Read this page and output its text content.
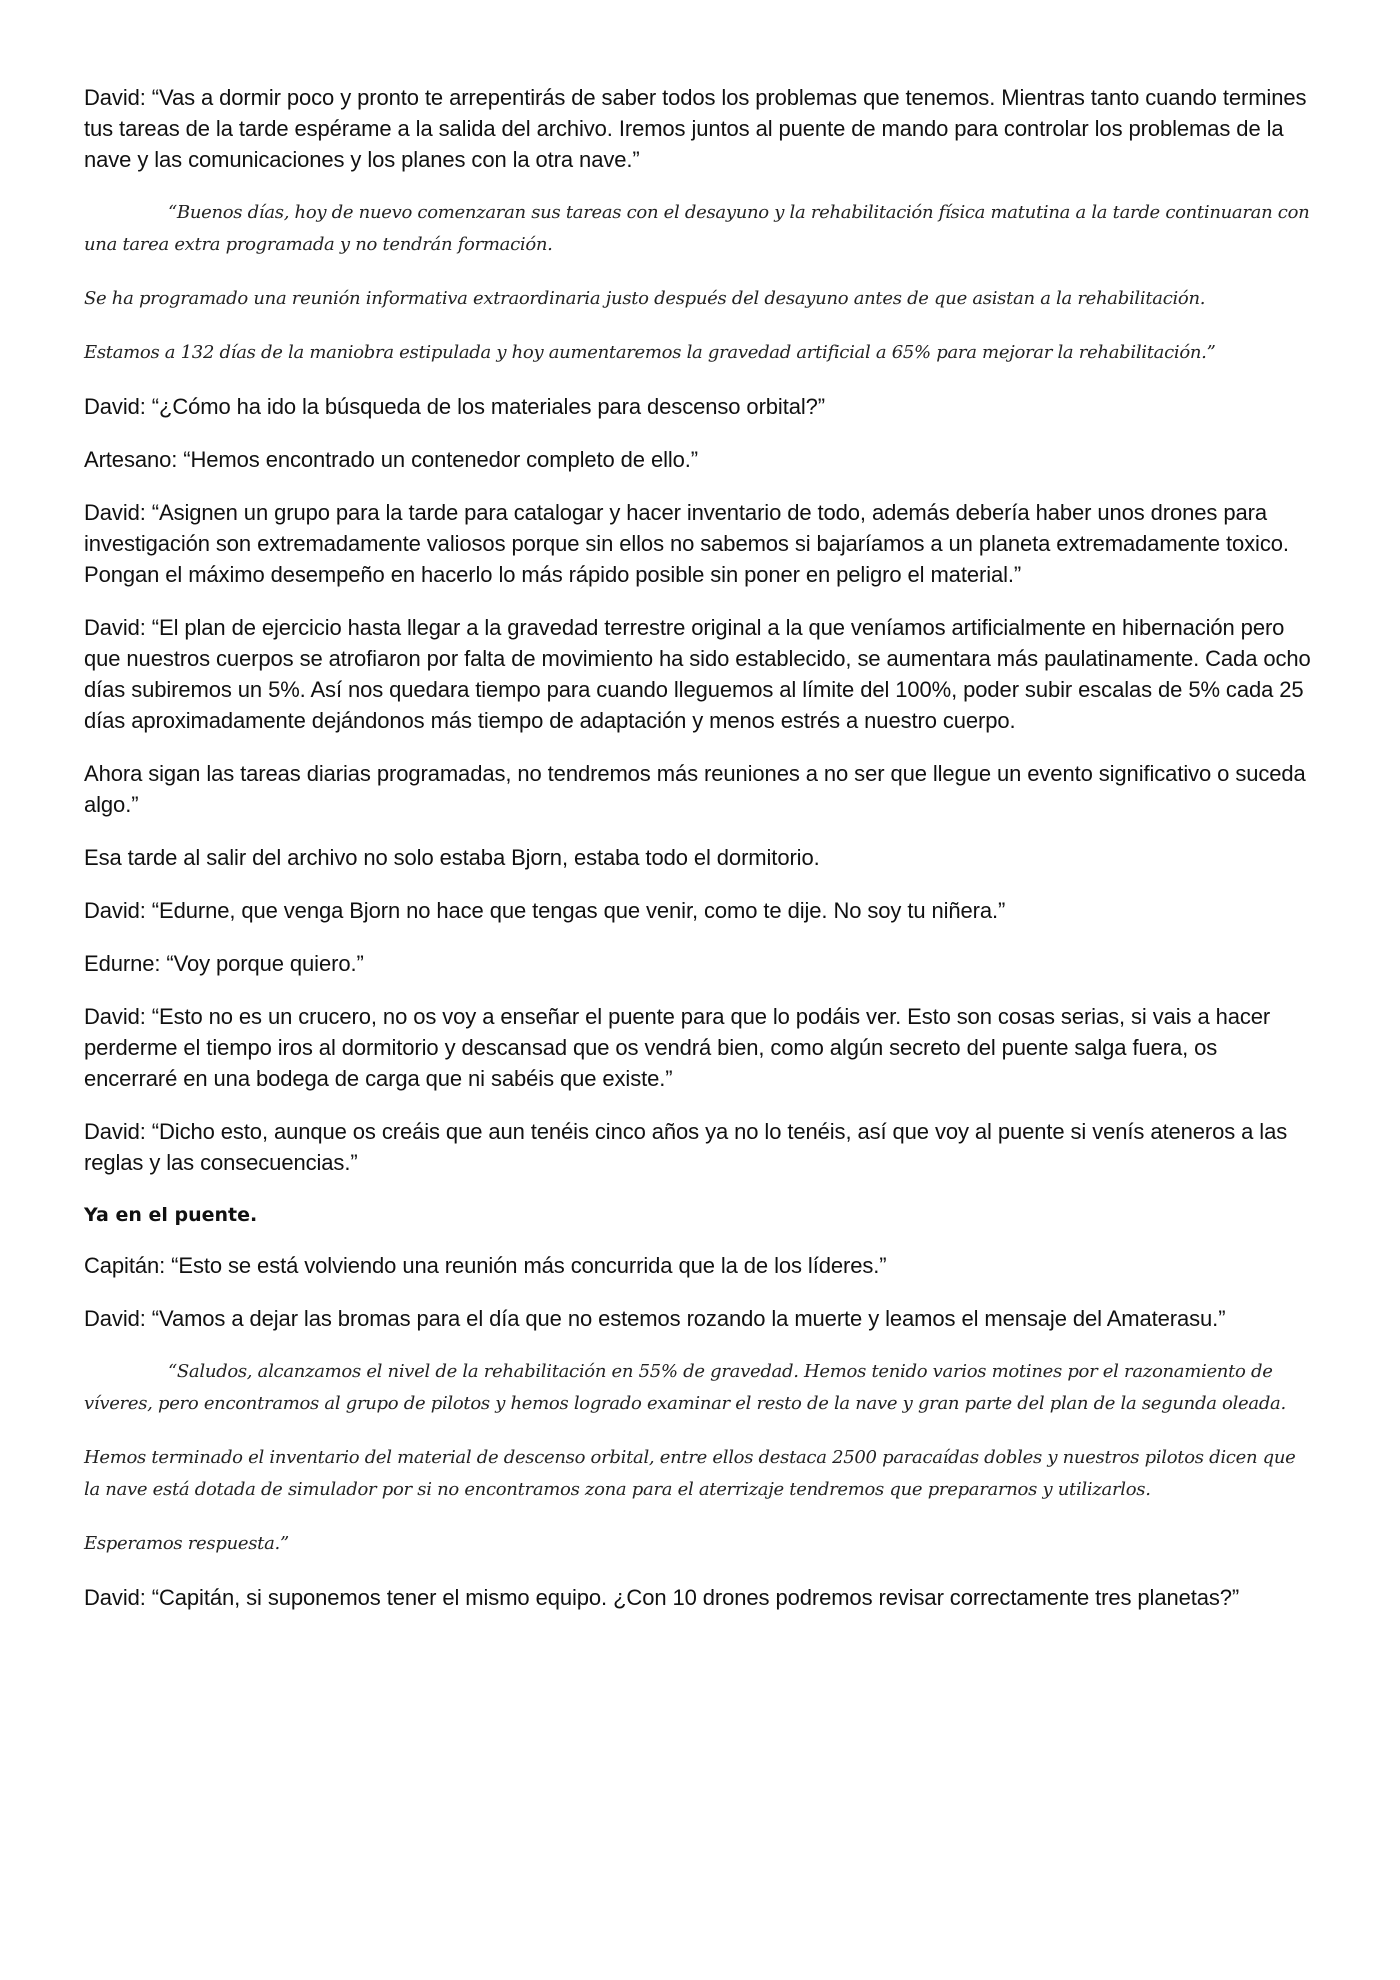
David: “Vas a dormir poco y pronto te arrepentirás de saber todos los problemas que tenemos. Mientras tanto cuando termines tus tareas de la tarde espérame a la salida del archivo. Iremos juntos al puente de mando para controlar los problemas de la nave y las comunicaciones y los planes con la otra nave.”

“Buenos días, hoy de nuevo comenzaran sus tareas con el desayuno y la rehabilitación física matutina a la tarde continuaran con una tarea extra programada y no tendrán formación.

Se ha programado una reunión informativa extraordinaria justo después del desayuno antes de que asistan a la rehabilitación.

Estamos a 132 días de la maniobra estipulada y hoy aumentaremos la gravedad artificial a 65% para mejorar la rehabilitación.”

David: “¿Cómo ha ido la búsqueda de los materiales para descenso orbital?”

Artesano: “Hemos encontrado un contenedor completo de ello.”

David: “Asignen un grupo para la tarde para catalogar y hacer inventario de todo, además debería haber unos drones para investigación son extremadamente valiosos porque sin ellos no sabemos si bajaríamos a un planeta extremadamente toxico. Pongan el máximo desempeño en hacerlo lo más rápido posible sin poner en peligro el material.”

David: “El plan de ejercicio hasta llegar a la gravedad terrestre original a la que veníamos artificialmente en hibernación pero que nuestros cuerpos se atrofiaron por falta de movimiento ha sido establecido, se aumentara más paulatinamente. Cada ocho días subiremos un 5%. Así nos quedara tiempo para cuando lleguemos al límite del 100%, poder subir escalas de 5% cada 25 días aproximadamente dejándonos más tiempo de adaptación y menos estrés a nuestro cuerpo.

Ahora sigan las tareas diarias programadas, no tendremos más reuniones a no ser que llegue un evento significativo o suceda algo.”

Esa tarde al salir del archivo no solo estaba Bjorn, estaba todo el dormitorio.

David: “Edurne, que venga Bjorn no hace que tengas que venir, como te dije. No soy tu niñera.”

Edurne: “Voy porque quiero.”

David: “Esto no es un crucero, no os voy a enseñar el puente para que lo podáis ver. Esto son cosas serias, si vais a hacer perderme el tiempo iros al dormitorio y descansad que os vendrá bien, como algún secreto del puente salga fuera, os encerraré en una bodega de carga que ni sabéis que existe.”

David: “Dicho esto, aunque os creáis que aun tenéis cinco años ya no lo tenéis, así que voy al puente si venís ateneros a las reglas y las consecuencias.”

Ya en el puente.

Capitán: “Esto se está volviendo una reunión más concurrida que la de los líderes.”

David: “Vamos a dejar las bromas para el día que no estemos rozando la muerte y leamos el mensaje del Amaterasu.”

“Saludos, alcanzamos el nivel de la rehabilitación en 55% de gravedad. Hemos tenido varios motines por el razonamiento de víveres, pero encontramos al grupo de pilotos y hemos logrado examinar el resto de la nave y gran parte del plan de la segunda oleada.

Hemos terminado el inventario del material de descenso orbital, entre ellos destaca 2500 paracaídas dobles y nuestros pilotos dicen que la nave está dotada de simulador por si no encontramos zona para el aterrizaje tendremos que prepararnos y utilizarlos.

Esperamos respuesta.”

David: “Capitán, si suponemos tener el mismo equipo. ¿Con 10 drones podremos revisar correctamente tres planetas?”
